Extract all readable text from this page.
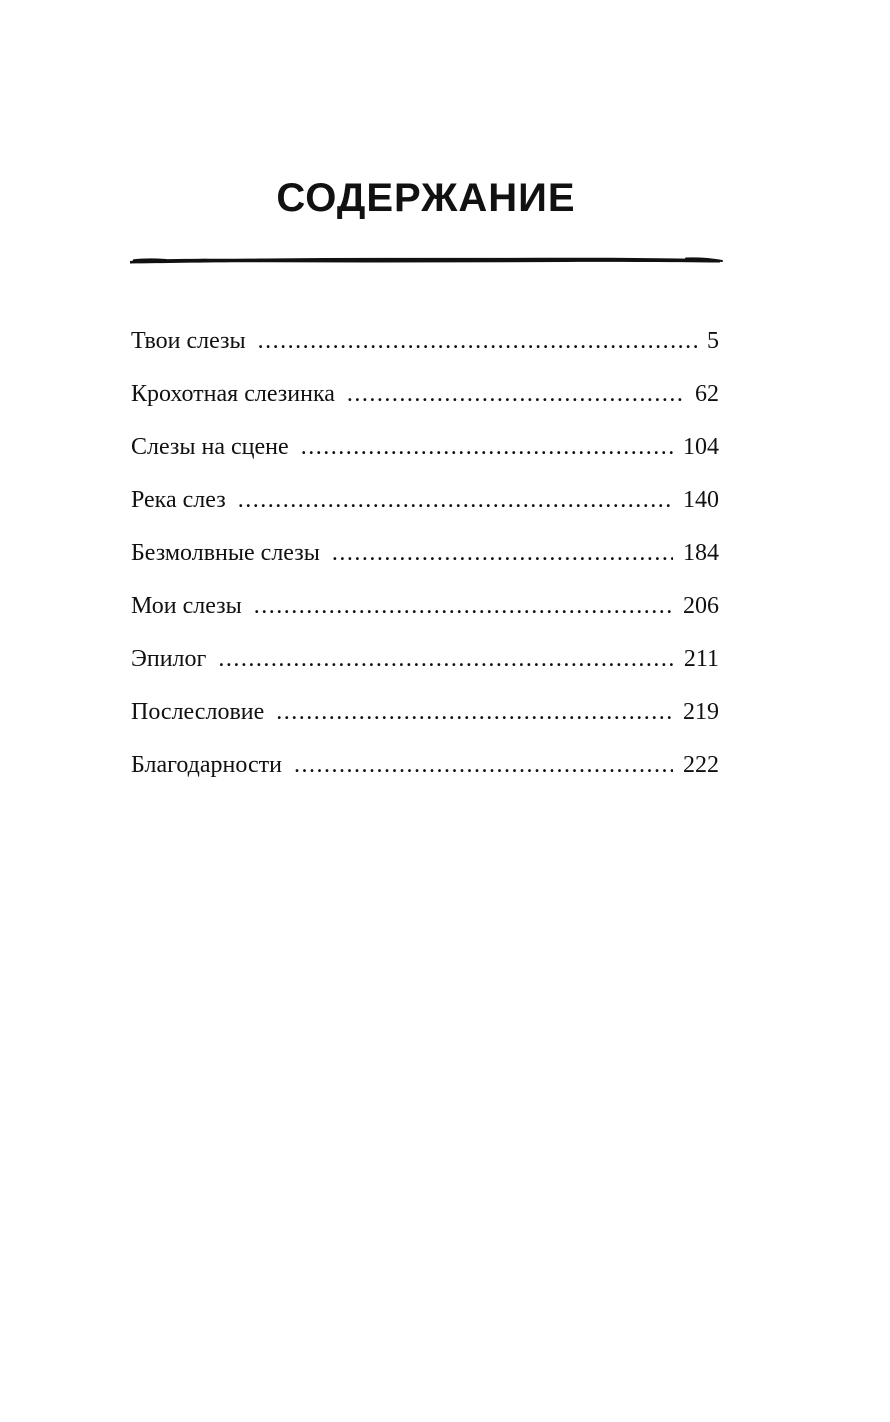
СОДЕРЖАНИЕ
Твои слезы .....	5
Крохотная слезинка .....	62
Слезы на сцене .....	104
Река слез .....	140
Безмолвные слезы .....	184
Мои слезы .....	206
Эпилог .....	211
Послесловие .....	219
Благодарности .....	222
